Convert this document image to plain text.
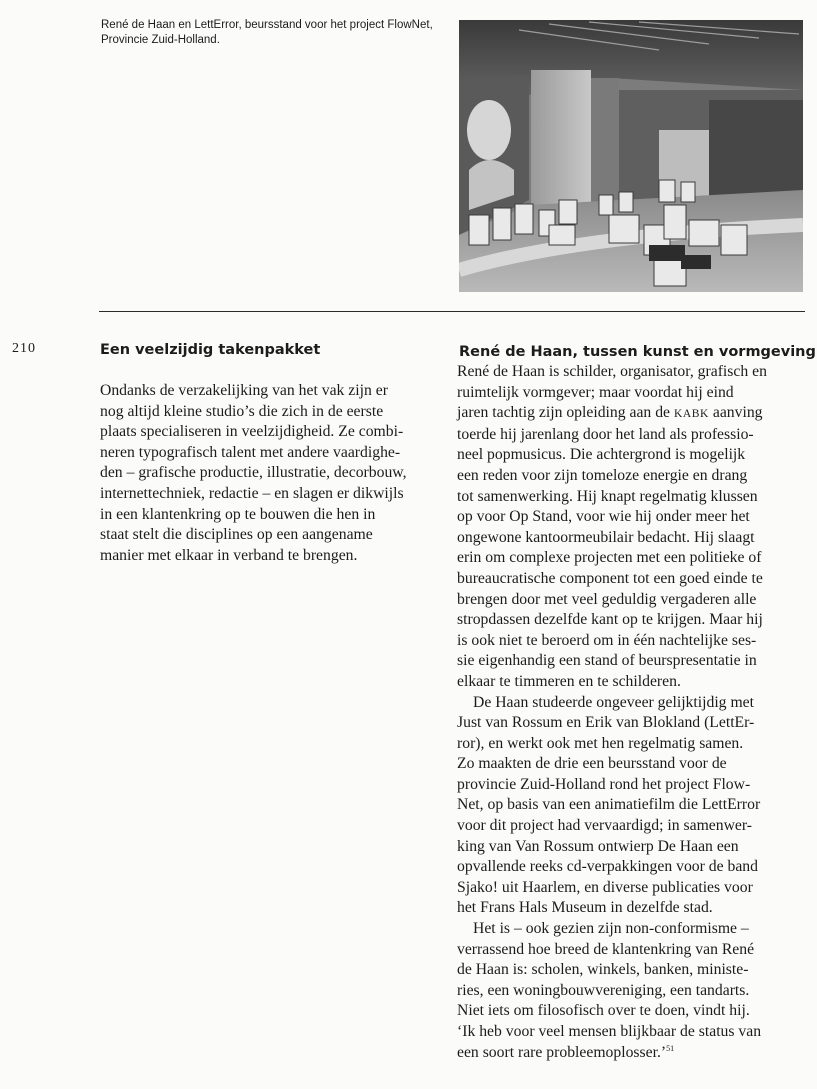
René de Haan en LettError, beursstand voor het project FlowNet,
Provincie Zuid-Holland.
210	Een veelzijdig takenpakket
Ondanks de verzakelijking van het vak zijn er
nog altijd kleine studio’s die zich in de eerste
plaats specialiseren in veelzijdigheid. Ze combi-
neren typografisch talent met andere vaardighe-
den – grafische productie, illustratie, decorbouw,
internettechniek, redactie – en slagen er dikwijls
in een klantenkring op te bouwen die hen in
staat stelt die disciplines op een aangename
manier met elkaar in verband te brengen.
René de Haan, tussen kunst en vormgeving
René de Haan is schilder, organisator, grafisch en
ruimtelijk vormgever; maar voordat hij eind
jaren tachtig zijn opleiding aan de KABK aanving
toerde hij jarenlang door het land als professio-
neel popmusicus. Die achtergrond is mogelijk
een reden voor zijn tomeloze energie en drang
tot samenwerking. Hij knapt regelmatig klussen
op voor Op Stand, voor wie hij onder meer het
ongewone kantoormeubilair bedacht. Hij slaagt
erin om complexe projecten met een politieke of
bureaucratische component tot een goed einde te
brengen door met veel geduldig vergaderen alle
stropdassen dezelfde kant op te krijgen. Maar hij
is ook niet te beroerd om in één nachtelijke ses-
sie eigenhandig een stand of beurspresentatie in
elkaar te timmeren en te schilderen.
De Haan studeerde ongeveer gelijktijdig met
Just van Rossum en Erik van Blokland (LettEr-
ror), en werkt ook met hen regelmatig samen.
Zo maakten de drie een beursstand voor de
provincie Zuid-Holland rond het project Flow-
Net, op basis van een animatiefilm die LettError
voor dit project had vervaardigd; in samenwer-
king van Van Rossum ontwierp De Haan een
opvallende reeks cd-verpakkingen voor de band
Sjako! uit Haarlem, en diverse publicaties voor
het Frans Hals Museum in dezelfde stad.
Het is – ook gezien zijn non-conformisme –
verrassend hoe breed de klantenkring van René
de Haan is: scholen, winkels, banken, ministe-
ries, een woningbouwvereniging, een tandarts.
Niet iets om filosofisch over te doen, vindt hij.
‘Ik heb voor veel mensen blijkbaar de status van
een soort rare probleemoplosser.’$^{51}$
